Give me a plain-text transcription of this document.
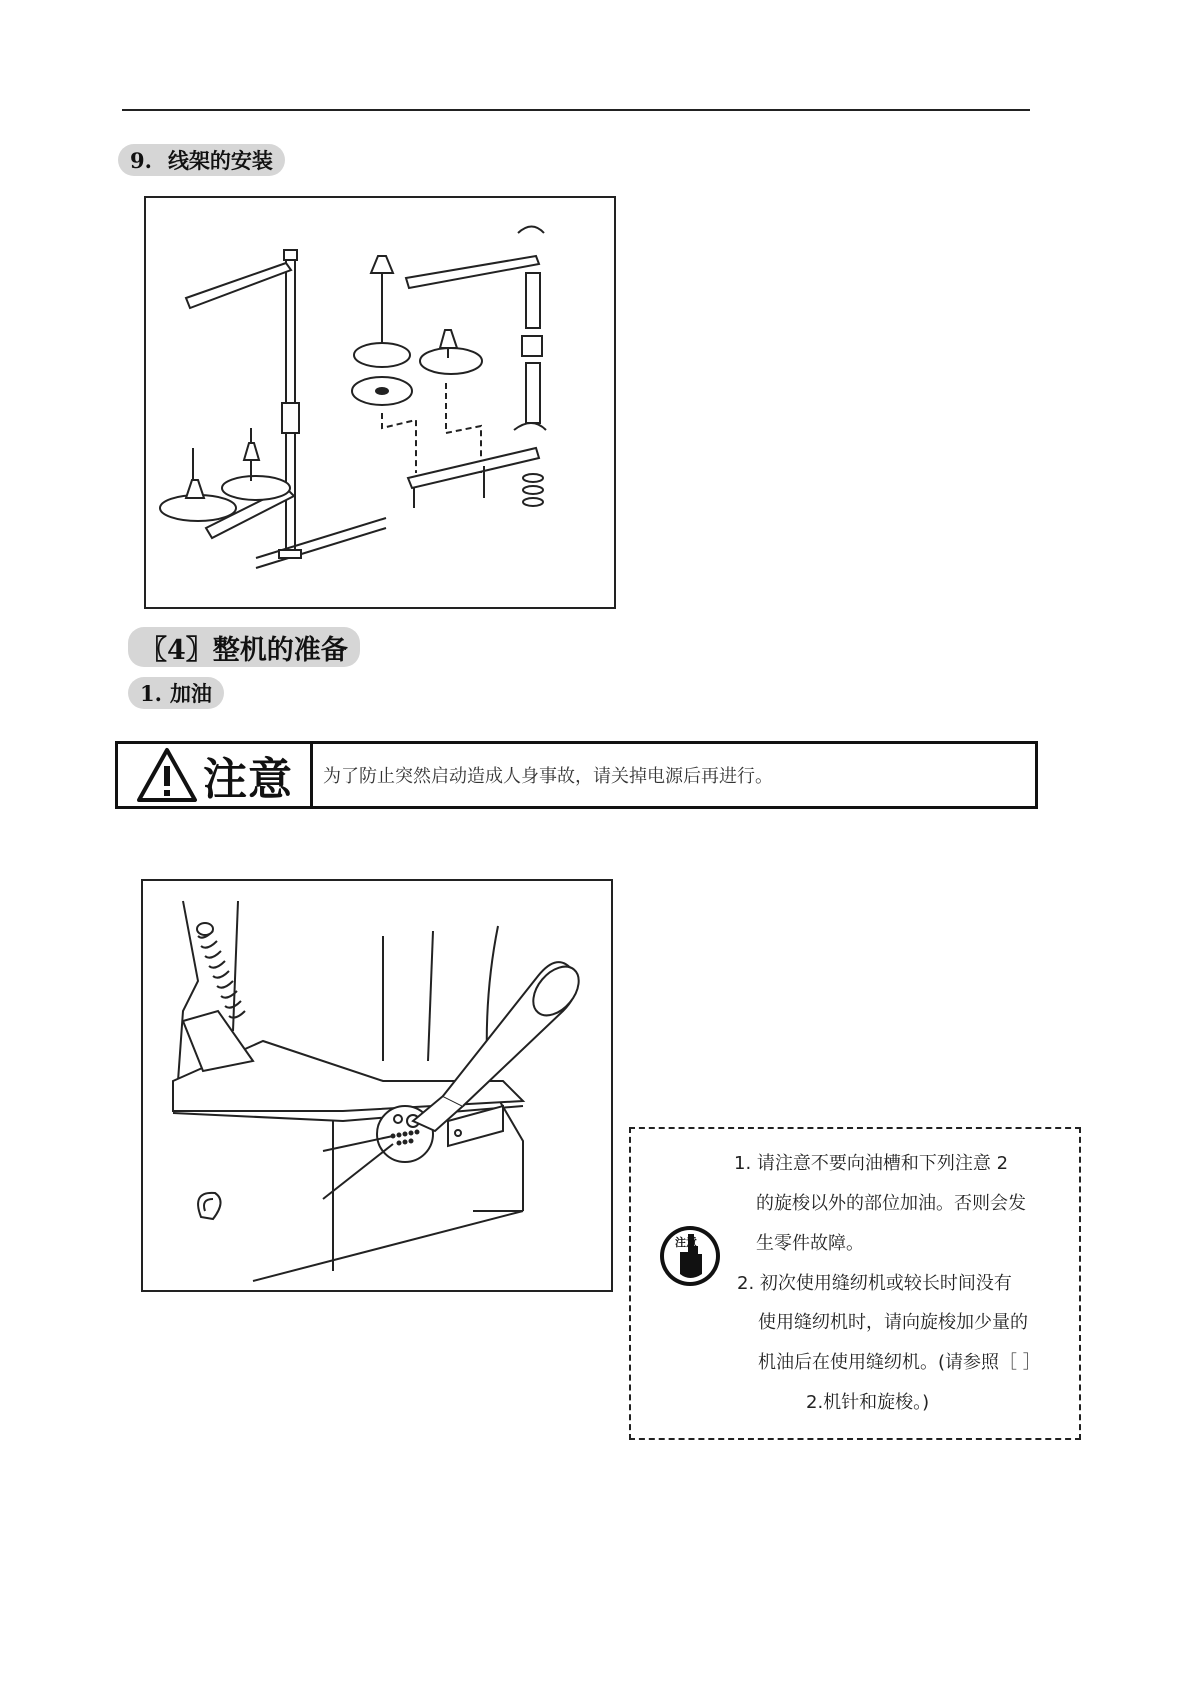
9. 线架的安装
〖4〗整机的准备
1. 加油
注意	为了防止突然启动造成人身事故，请关掉电源后再进行。
注意
1. 请注意不要向油槽和下列注意 2
的旋梭以外的部位加油。否则会发
生零件故障。
2. 初次使用缝纫机或较长时间没有
使用缝纫机时，请向旋梭加少量的
机油后在使用缝纫机。(请参照［ ］
2.机针和旋梭。)
